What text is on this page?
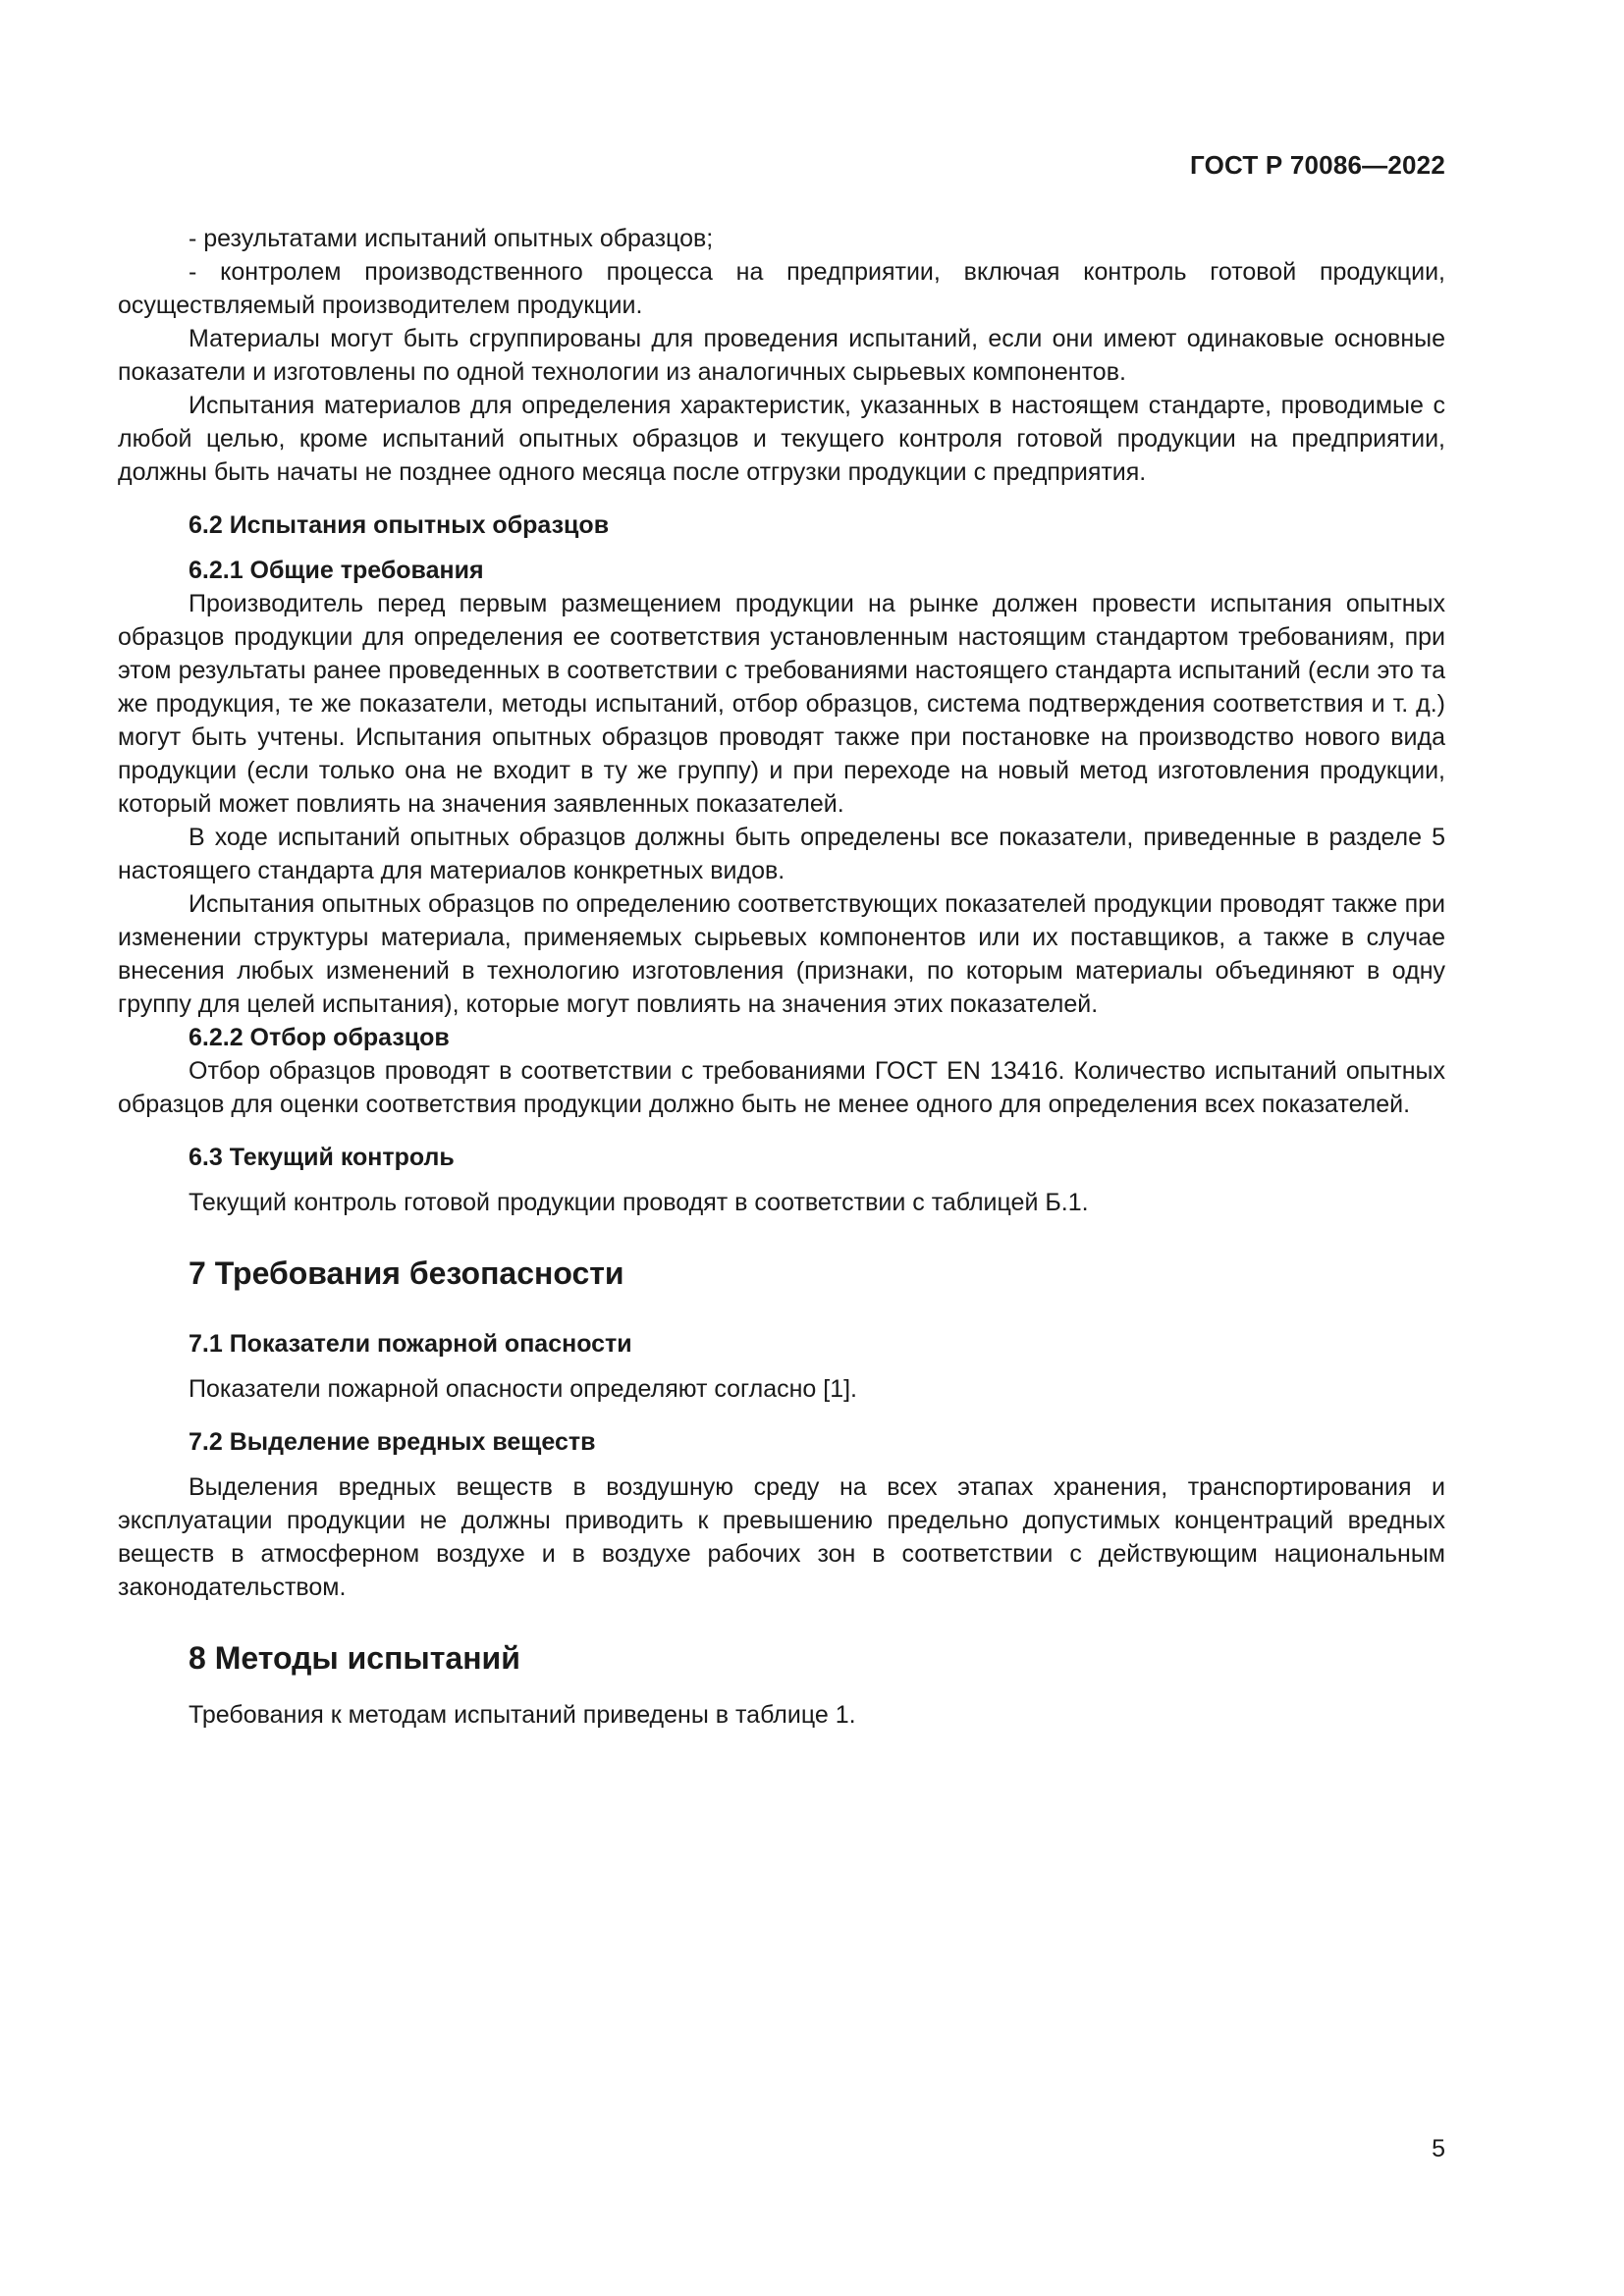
ГОСТ Р 70086—2022

- результатами испытаний опытных образцов;

- контролем производственного процесса на предприятии, включая контроль готовой продукции, осуществляемый производителем продукции.

Материалы могут быть сгруппированы для проведения испытаний, если они имеют одинаковые основные показатели и изготовлены по одной технологии из аналогичных сырьевых компонентов.

Испытания материалов для определения характеристик, указанных в настоящем стандарте, проводимые с любой целью, кроме испытаний опытных образцов и текущего контроля готовой продукции на предприятии, должны быть начаты не позднее одного месяца после отгрузки продукции с предприятия.

6.2 Испытания опытных образцов
6.2.1 Общие требования

Производитель перед первым размещением продукции на рынке должен провести испытания опытных образцов продукции для определения ее соответствия установленным настоящим стандартом требованиям, при этом результаты ранее проведенных в соответствии с требованиями настоящего стандарта испытаний (если это та же продукция, те же показатели, методы испытаний, отбор образцов, система подтверждения соответствия и т. д.) могут быть учтены. Испытания опытных образцов проводят также при постановке на производство нового вида продукции (если только она не входит в ту же группу) и при переходе на новый метод изготовления продукции, который может повлиять на значения заявленных показателей.

В ходе испытаний опытных образцов должны быть определены все показатели, приведенные в разделе 5 настоящего стандарта для материалов конкретных видов.

Испытания опытных образцов по определению соответствующих показателей продукции проводят также при изменении структуры материала, применяемых сырьевых компонентов или их поставщиков, а также в случае внесения любых изменений в технологию изготовления (признаки, по которым материалы объединяют в одну группу для целей испытания), которые могут повлиять на значения этих показателей.

6.2.2 Отбор образцов

Отбор образцов проводят в соответствии с требованиями ГОСТ EN 13416. Количество испытаний опытных образцов для оценки соответствия продукции должно быть не менее одного для определения всех показателей.

6.3 Текущий контроль

Текущий контроль готовой продукции проводят в соответствии с таблицей Б.1.

7 Требования безопасности
7.1 Показатели пожарной опасности

Показатели пожарной опасности определяют согласно [1].

7.2 Выделение вредных веществ

Выделения вредных веществ в воздушную среду на всех этапах хранения, транспортирования и эксплуатации продукции не должны приводить к превышению предельно допустимых концентраций вредных веществ в атмосферном воздухе и в воздухе рабочих зон в соответствии с действующим национальным законодательством.

8 Методы испытаний

Требования к методам испытаний приведены в таблице 1.

5
